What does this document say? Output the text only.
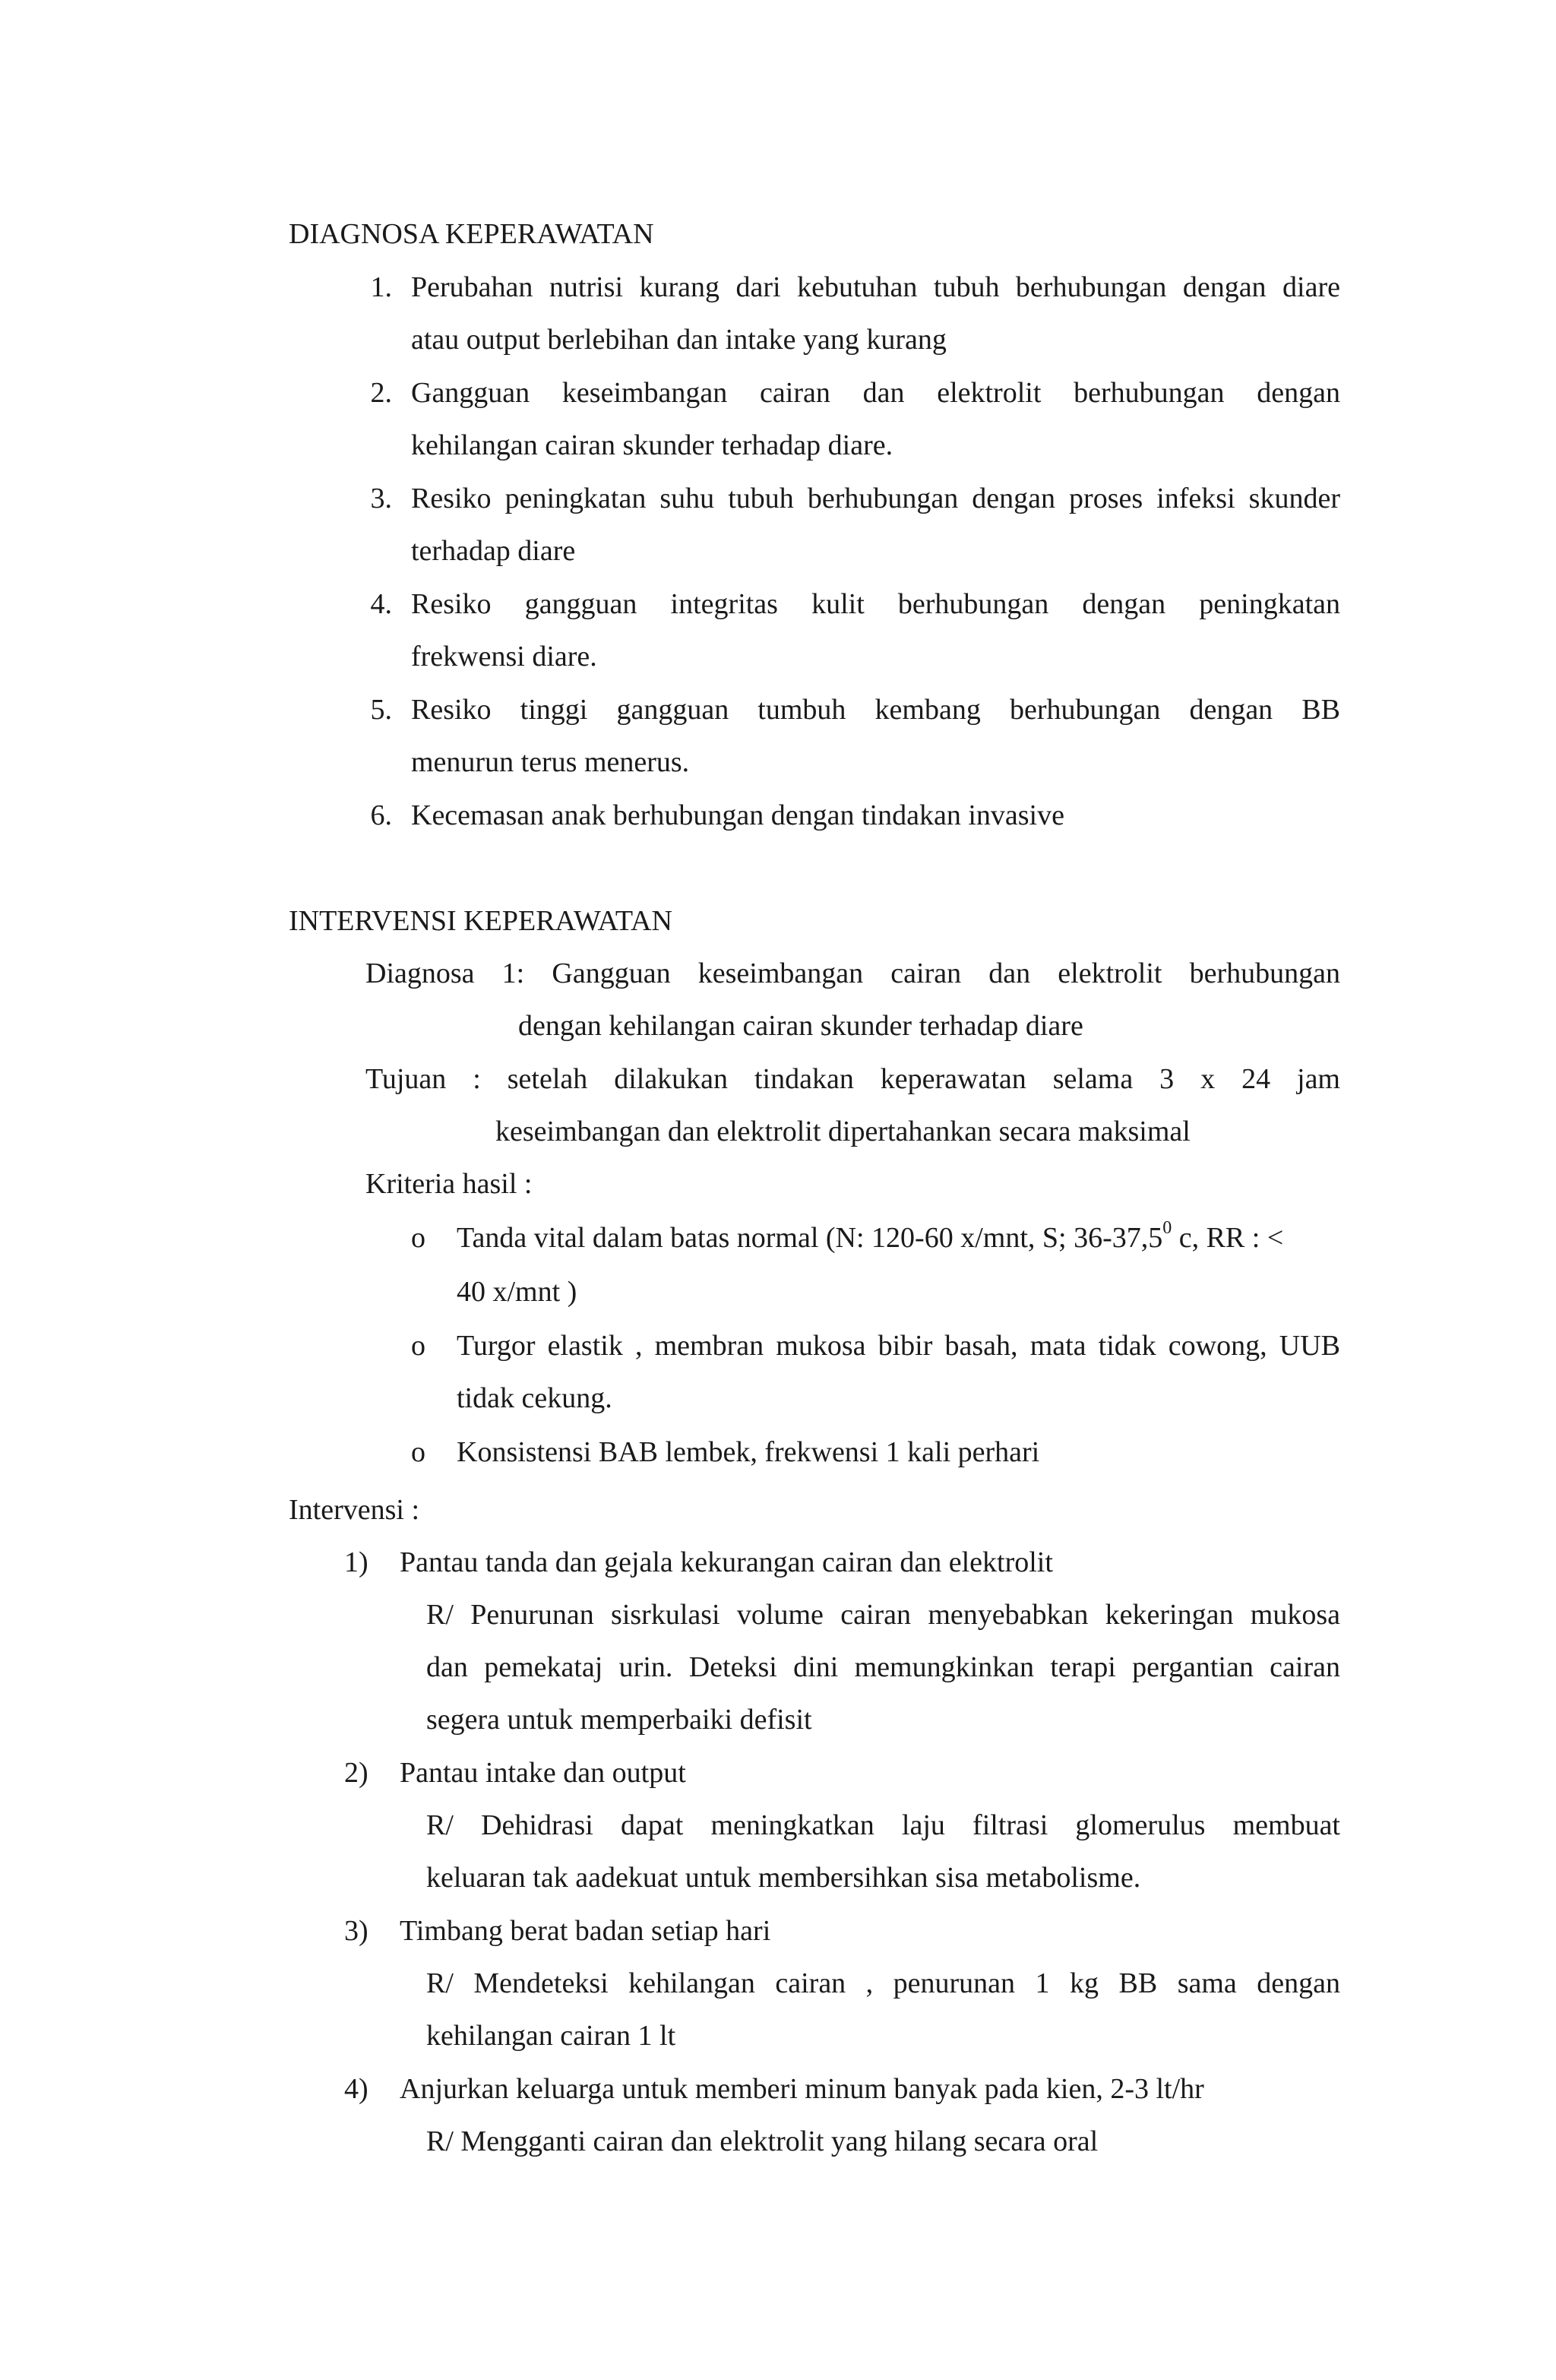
DIAGNOSA KEPERAWATAN
1. Perubahan nutrisi kurang dari kebutuhan tubuh berhubungan dengan diare
atau output berlebihan dan intake yang kurang
2. Gangguan keseimbangan cairan dan elektrolit berhubungan dengan
kehilangan cairan skunder terhadap diare.
3. Resiko peningkatan suhu tubuh berhubungan dengan proses infeksi skunder
terhadap diare
4. Resiko gangguan integritas kulit berhubungan dengan peningkatan
frekwensi diare.
5. Resiko tinggi gangguan tumbuh kembang berhubungan dengan BB
menurun terus menerus.
6. Kecemasan anak berhubungan dengan tindakan invasive
INTERVENSI KEPERAWATAN
Diagnosa 1: Gangguan keseimbangan cairan dan elektrolit berhubungan
dengan kehilangan cairan skunder terhadap diare
Tujuan : setelah dilakukan tindakan keperawatan selama 3 x 24 jam
keseimbangan dan elektrolit dipertahankan secara maksimal
Kriteria hasil :
o Tanda vital dalam batas normal (N: 120-60 x/mnt, S; 36-37,5$^0$ c, RR : <
40 x/mnt )
o Turgor elastik , membran mukosa bibir basah, mata tidak cowong, UUB
tidak cekung.
o Konsistensi BAB lembek, frekwensi 1 kali perhari
Intervensi :
1) Pantau tanda dan gejala kekurangan cairan dan elektrolit
R/ Penurunan sisrkulasi volume cairan menyebabkan kekeringan mukosa
dan pemekataj urin. Deteksi dini memungkinkan terapi pergantian cairan
segera untuk memperbaiki defisit
2) Pantau intake dan output
R/ Dehidrasi dapat meningkatkan laju filtrasi glomerulus membuat
keluaran tak aadekuat untuk membersihkan sisa metabolisme.
3) Timbang berat badan setiap hari
R/ Mendeteksi kehilangan cairan , penurunan 1 kg BB sama dengan
kehilangan cairan 1 lt
4) Anjurkan keluarga untuk memberi minum banyak pada kien, 2-3 lt/hr
R/ Mengganti cairan dan elektrolit yang hilang secara oral
